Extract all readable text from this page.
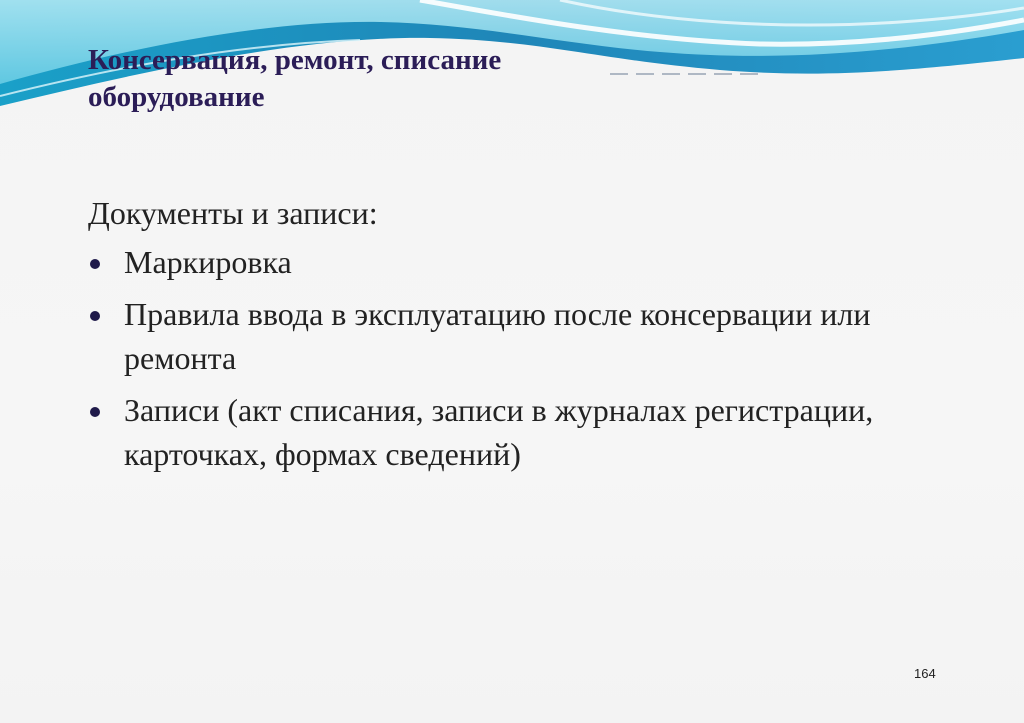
Консервация, ремонт, списание
оборудование

Документы и записи:

Маркировка
Правила ввода в эксплуатацию после консервации или ремонта
Записи (акт списания, записи в журналах регистрации, карточках, формах сведений)
164
